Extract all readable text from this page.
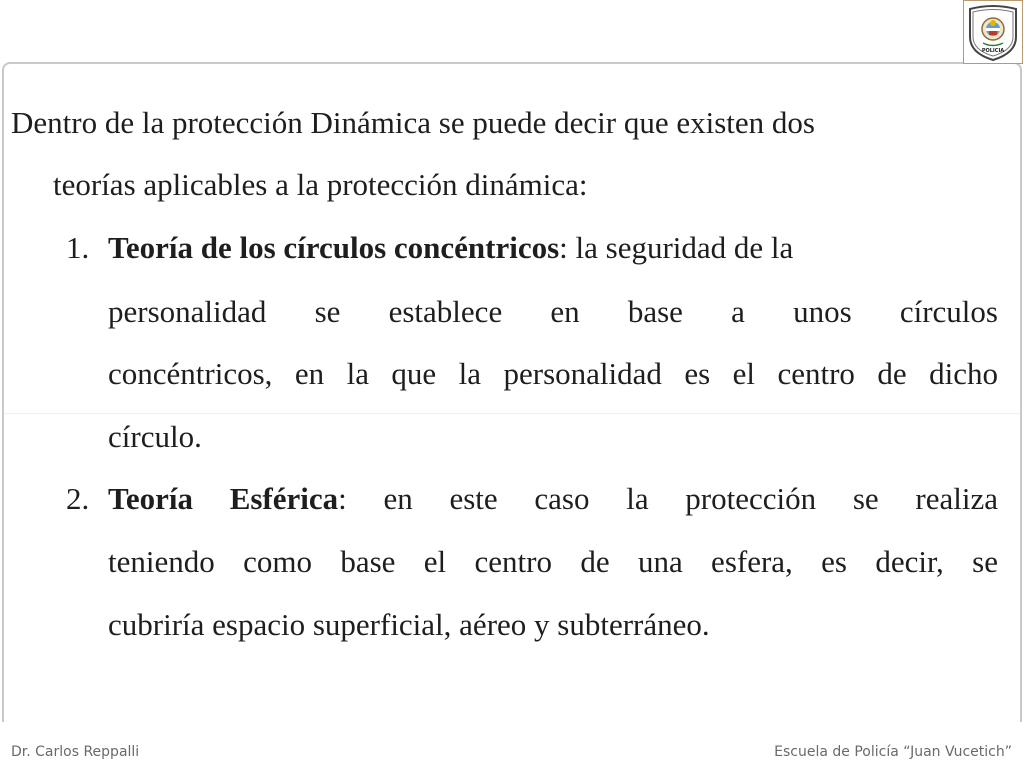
POLICIA
Dentro de la protección Dinámica se puede decir que existen dos
teorías aplicables a la protección dinámica:
1. Teoría de los círculos concéntricos: la seguridad de la
personalidad se establece en base a unos círculos
concéntricos, en la que la personalidad es el centro de dicho
círculo.
2. Teoría Esférica: en este caso la protección se realiza
teniendo como base el centro de una esfera, es decir, se
cubriría espacio superficial, aéreo y subterráneo.
Dr. Carlos Reppalli	Escuela de Policía “Juan Vucetich”
